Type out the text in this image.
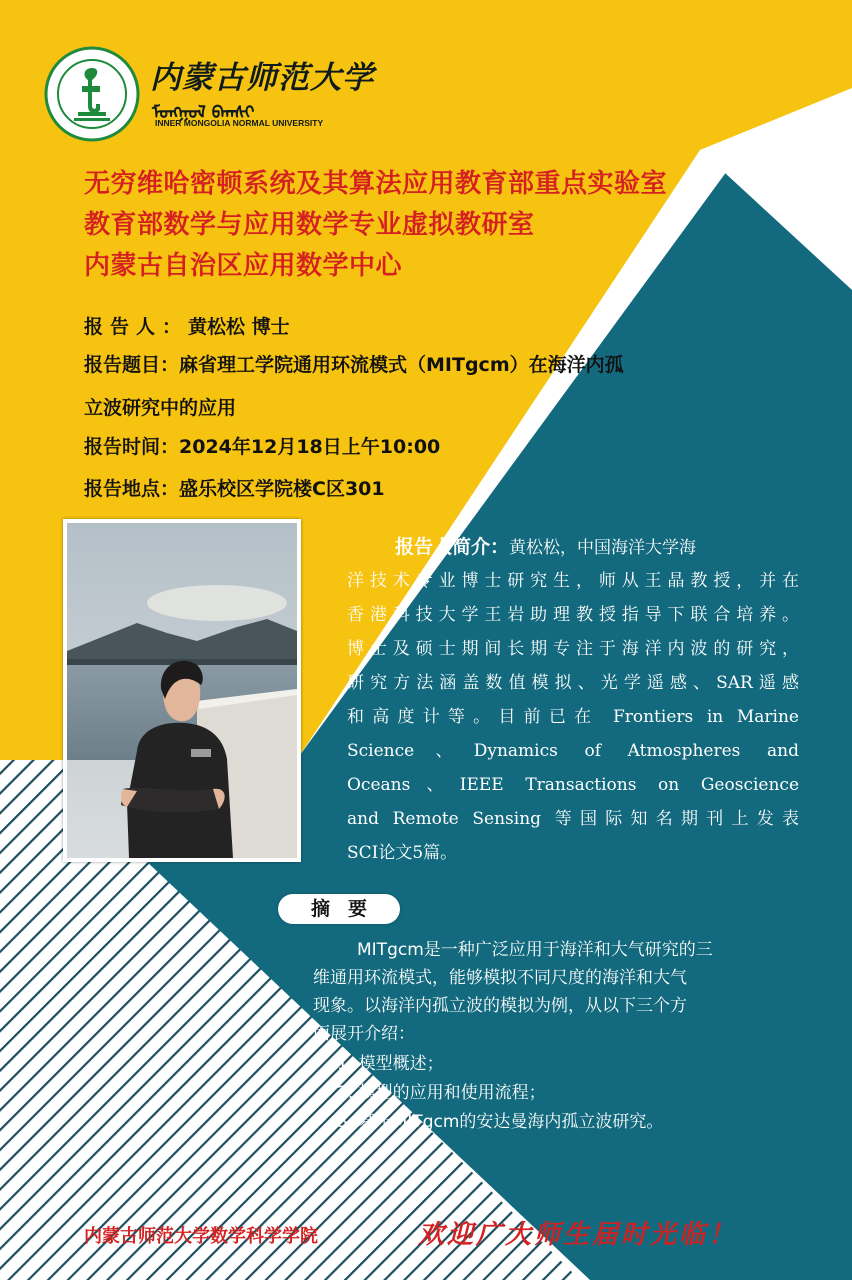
内蒙古师范大学
ᠮᠣᠩᠭᠣᠯ ᠪᠠᠭᠰᠢ
INNER MONGOLIA NORMAL UNIVERSITY
无穷维哈密顿系统及其算法应用教育部重点实验室
教育部数学与应用数学专业虚拟教研室
内蒙古自治区应用数学中心
报告人：黄松松 博士
报告题目：麻省理工学院通用环流模式（MITgcm）在海洋内孤
立波研究中的应用
报告时间：2024年12月18日上午10:00
报告地点：盛乐校区学院楼C区301
报告人简介：黄松松，中国海洋大学海
洋技术专业博士研究生，师从王晶教授，并在
香港科技大学王岩助理教授指导下联合培养。
博士及硕士期间长期专注于海洋内波的研究，
研究方法涵盖数值模拟、光学遥感、SAR遥感
和高度计等。目前已在 Frontiers in Marine
Science、Dynamics of Atmospheres and
Oceans、IEEE Transactions on Geoscience
and Remote Sensing 等国际知名期刊上发表
SCI论文5篇。
摘要
MITgcm是一种广泛应用于海洋和大气研究的三
维通用环流模式，能够模拟不同尺度的海洋和大气
现象。以海洋内孤立波的模拟为例，从以下三个方
面展开介绍：
1. 模型概述；
2. 模型的应用和使用流程；
3. 基于MITgcm的安达曼海内孤立波研究。
内蒙古师范大学数学科学学院	欢迎广大师生届时光临！
